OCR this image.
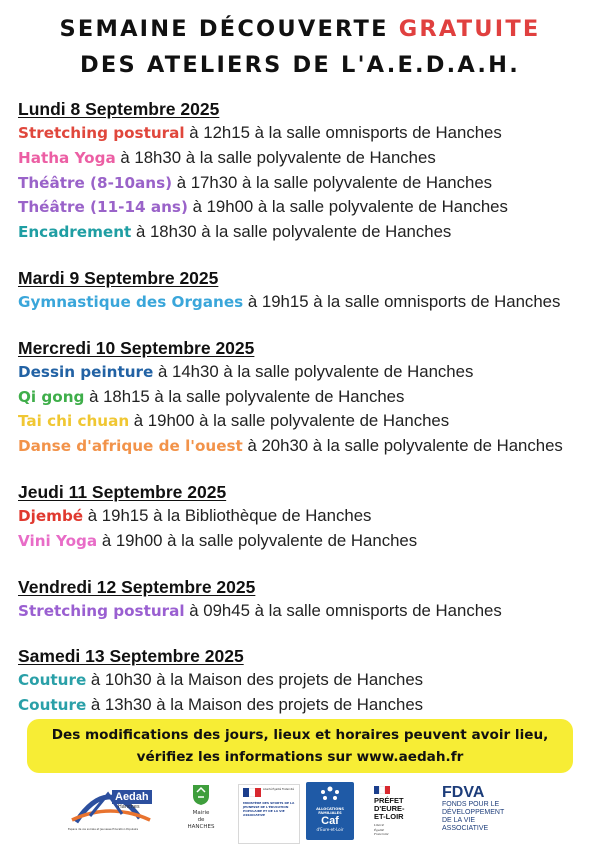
SEMAINE DÉCOUVERTE GRATUITE
DES ATELIERS DE L'A.E.D.A.H.
Lundi 8 Septembre 2025
Stretching postural à 12h15 à la salle omnisports de Hanches
Hatha Yoga à 18h30 à la salle polyvalente de Hanches
Théâtre (8-10ans) à 17h30 à la salle polyvalente de Hanches
Théâtre (11-14 ans) à 19h00 à la salle polyvalente de Hanches
Encadrement à 18h30 à la salle polyvalente de Hanches
Mardi 9 Septembre 2025
Gymnastique des Organes à 19h15 à la salle omnisports de Hanches
Mercredi 10 Septembre 2025
Dessin peinture à 14h30 à la salle polyvalente de Hanches
Qi gong à 18h15 à la salle polyvalente de Hanches
Tai chi chuan à 19h00 à la salle polyvalente de Hanches
Danse d'afrique de l'ouest à 20h30 à la salle polyvalente de Hanches
Jeudi 11 Septembre 2025
Djembé à 19h15 à la Bibliothèque de Hanches
Vini Yoga à 19h00 à la salle polyvalente de Hanches
Vendredi 12 Septembre 2025
Stretching postural à 09h45 à la salle omnisports de Hanches
Samedi 13 Septembre 2025
Couture à 10h30 à la Maison des projets de Hanches
Couture à 13h30 à la Maison des projets de Hanches
Des modifications des jours, lieux et horaires peuvent avoir lieu,
vérifiez les informations sur www.aedah.fr
Aedah
Hanches
Espace de vie sociale et Jeunesse Education Populaire
Mairie
de
HANCHES
Liberté Égalité Fraternité
MINISTÈRE DES SPORTS DE LA JEUNESSE DE L'ÉDUCATION POPULAIRE ET DE LA VIE ASSOCIATIVE
ALLOCATIONS FAMILIALES
Caf
d'Eure-et-Loir
PRÉFET
D'EURE-
ET-LOIR
Liberté
Égalité
Fraternité
FDVA
FONDS POUR LE
DÉVELOPPEMENT
DE LA VIE
ASSOCIATIVE
